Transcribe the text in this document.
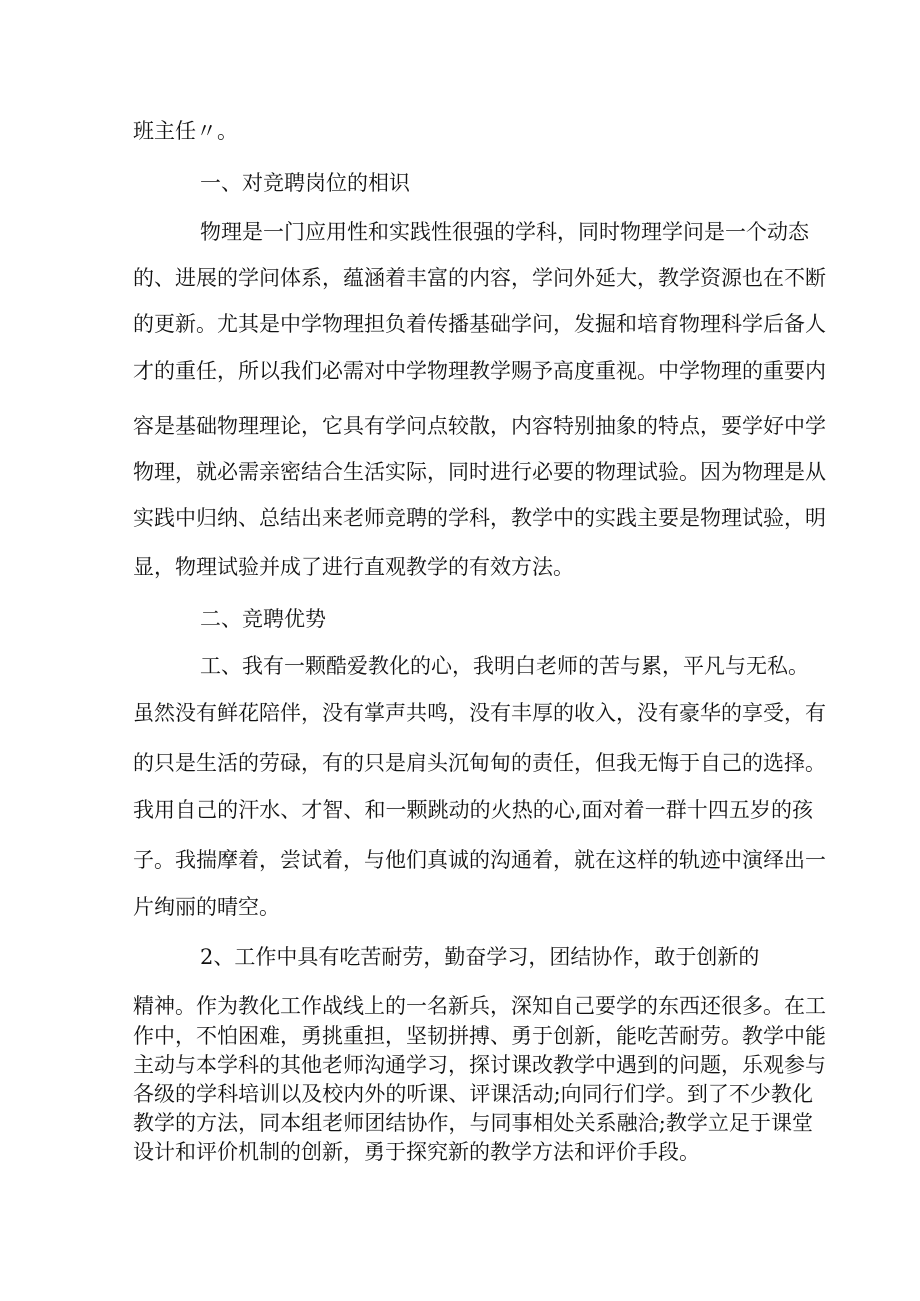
班主任〃。
一、对竞聘岗位的相识
物理是一门应用性和实践性很强的学科，同时物理学问是一个动态
的、进展的学问体系，蕴涵着丰富的内容，学问外延大，教学资源也在不断
的更新。尤其是中学物理担负着传播基础学问，发掘和培育物理科学后备人
才的重任，所以我们必需对中学物理教学赐予高度重视。中学物理的重要内
容是基础物理理论，它具有学问点较散，内容特别抽象的特点，要学好中学
物理，就必需亲密结合生活实际，同时进行必要的物理试验。因为物理是从
实践中归纳、总结出来老师竞聘的学科，教学中的实践主要是物理试验，明
显，物理试验并成了进行直观教学的有效方法。
二、竞聘优势
工、我有一颗酷爱教化的心，我明白老师的苦与累，平凡与无私。
虽然没有鲜花陪伴，没有掌声共鸣，没有丰厚的收入，没有豪华的享受，有
的只是生活的劳碌，有的只是肩头沉甸甸的责任，但我无悔于自己的选择。
我用自己的汗水、才智、和一颗跳动的火热的心,面对着一群十四五岁的孩
子。我揣摩着，尝试着，与他们真诚的沟通着，就在这样的轨迹中演绎出一
片绚丽的晴空。
2、工作中具有吃苦耐劳，勤奋学习，团结协作，敢于创新的
精神。作为教化工作战线上的一名新兵，深知自己要学的东西还很多。在工
作中，不怕困难，勇挑重担，坚韧拼搏、勇于创新，能吃苦耐劳。教学中能
主动与本学科的其他老师沟通学习，探讨课改教学中遇到的问题，乐观参与
各级的学科培训以及校内外的听课、评课活动;向同行们学。到了不少教化
教学的方法，同本组老师团结协作，与同事相处关系融洽;教学立足于课堂
设计和评价机制的创新，勇于探究新的教学方法和评价手段。
